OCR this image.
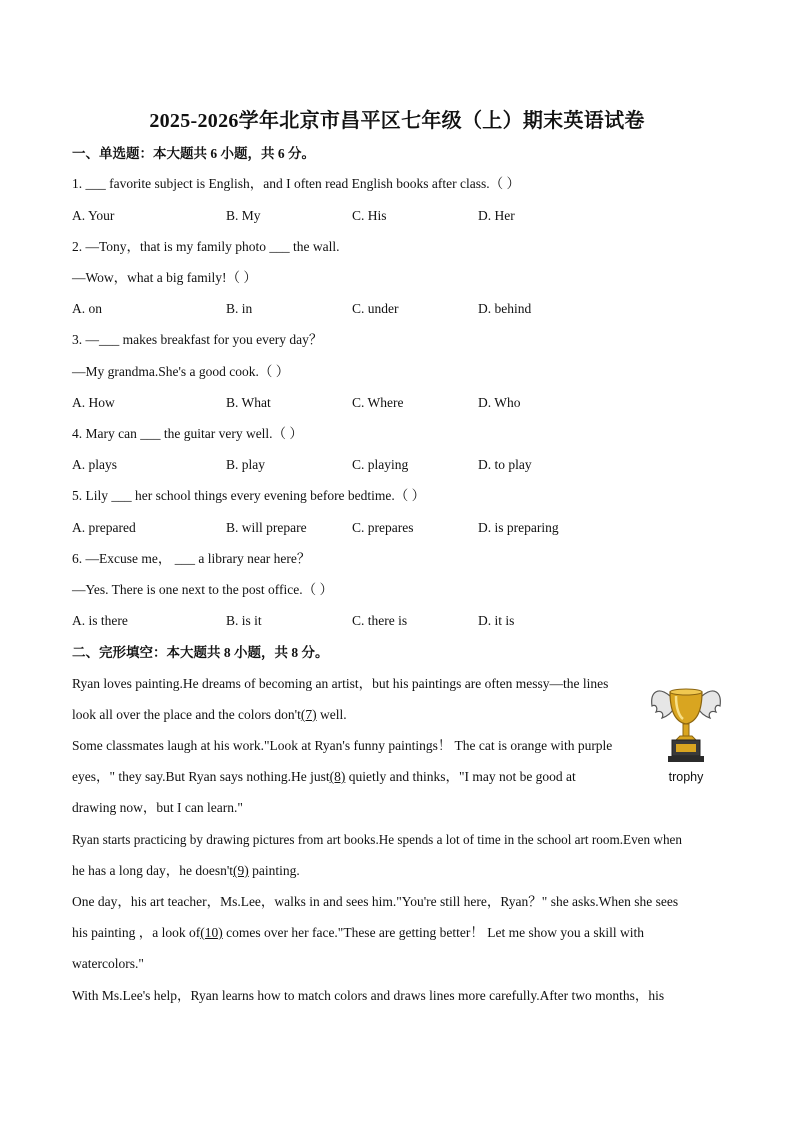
2025-2026学年北京市昌平区七年级（上）期末英语试卷
一、单选题：本大题共 6 小题，共 6 分。
1. ___ favorite subject is English，and I often read English books after class.（ ）
A. Your	B. My	C. His	D. Her
2. —Tony，that is my family photo ___ the wall.
—Wow，what a big family!（ ）
A. on	B. in	C. under	D. behind
3. —___ makes breakfast for you every day？
—My grandma.She's a good cook.（ ）
A. How	B. What	C. Where	D. Who
4. Mary can ___ the guitar very well.（ ）
A. plays	B. play	C. playing	D. to play
5. Lily ___ her school things every evening before bedtime.（ ）
A. prepared	B. will prepare	C. prepares	D. is preparing
6. —Excuse me， ___ a library near here？
—Yes. There is one next to the post office.（ ）
A. is there	B. is it	C. there is	D. it is
二、完形填空：本大题共 8 小题，共 8 分。
Ryan loves painting.He dreams of becoming an artist，but his paintings are often messy—the lines
look all over the place and the colors don't(7) well.
Some classmates laugh at his work."Look at Ryan's funny paintings！ The cat is orange with purple
eyes，" they say.But Ryan says nothing.He just(8) quietly and thinks，"I may not be good at
drawing now，but I can learn."
Ryan starts practicing by drawing pictures from art books.He spends a lot of time in the school art room.Even when
he has a long day，he doesn't(9) painting.
One day，his art teacher，Ms.Lee，walks in and sees him."You're still here，Ryan？" she asks.When she sees
his painting ，a look of(10) comes over her face."These are getting better！ Let me show you a skill with
watercolors."
With Ms.Lee's help，Ryan learns how to match colors and draws lines more carefully.After two months，his
trophy
